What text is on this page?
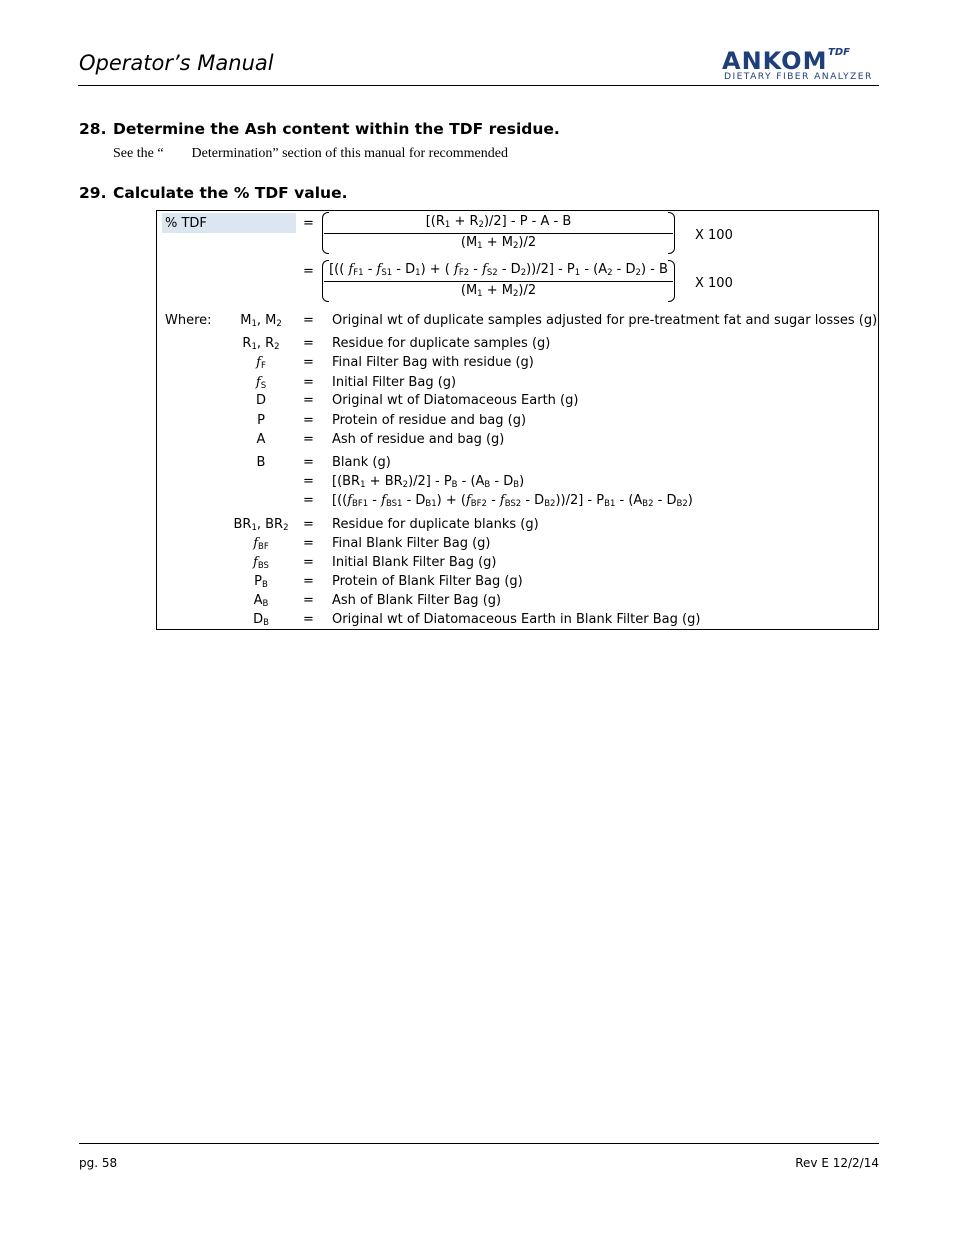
Operator’s Manual	ANKOM TDF
DIETARY FIBER ANALYZER
28. Determine the Ash content within the TDF residue.
See the “ Determination” section of this manual for recommended
29. Calculate the % TDF value.
% TDF	=	$[(R_1 + R_2)/2] - P - A - B$
$(M_1 + M_2)/2$	X 100
=	[(( $f_{F1} - f_{S1} - D_1$) + ( $f_{F2} - f_{S2} - D_2))/2] - P_1 - (A_2 - D_2)$ - B
$(M_1 + M_2)/2$	X 100
Where:	$M_1$, $M_2$	= Original wt of duplicate samples adjusted for pre-treatment fat and sugar losses (g)
$R_1$, $R_2$	= Residue for duplicate samples (g)
$f_F$	= Final Filter Bag with residue (g)
$f_S$	= Initial Filter Bag (g)
D	= Original wt of Diatomaceous Earth (g)
P	= Protein of residue and bag (g)
A	= Ash of residue and bag (g)
B	= Blank (g)
= $[(BR_1 + BR_2)/2] - P_B - (A_B - D_B)$
= $[((f_{BF1} - f_{BS1} - D_{B1}) + (f_{BF2} - f_{BS2} - D_{B2}))/2] - P_{B1} - (A_{B2} - D_{B2})$
$BR_1$, $BR_2$	= Residue for duplicate blanks (g)
$f_{BF}$	= Final Blank Filter Bag (g)
$f_{BS}$	= Initial Blank Filter Bag (g)
$P_B$	= Protein of Blank Filter Bag (g)
$A_B$	= Ash of Blank Filter Bag (g)
$D_B$	= Original wt of Diatomaceous Earth in Blank Filter Bag (g)
pg. 58	Rev E 12/2/14
